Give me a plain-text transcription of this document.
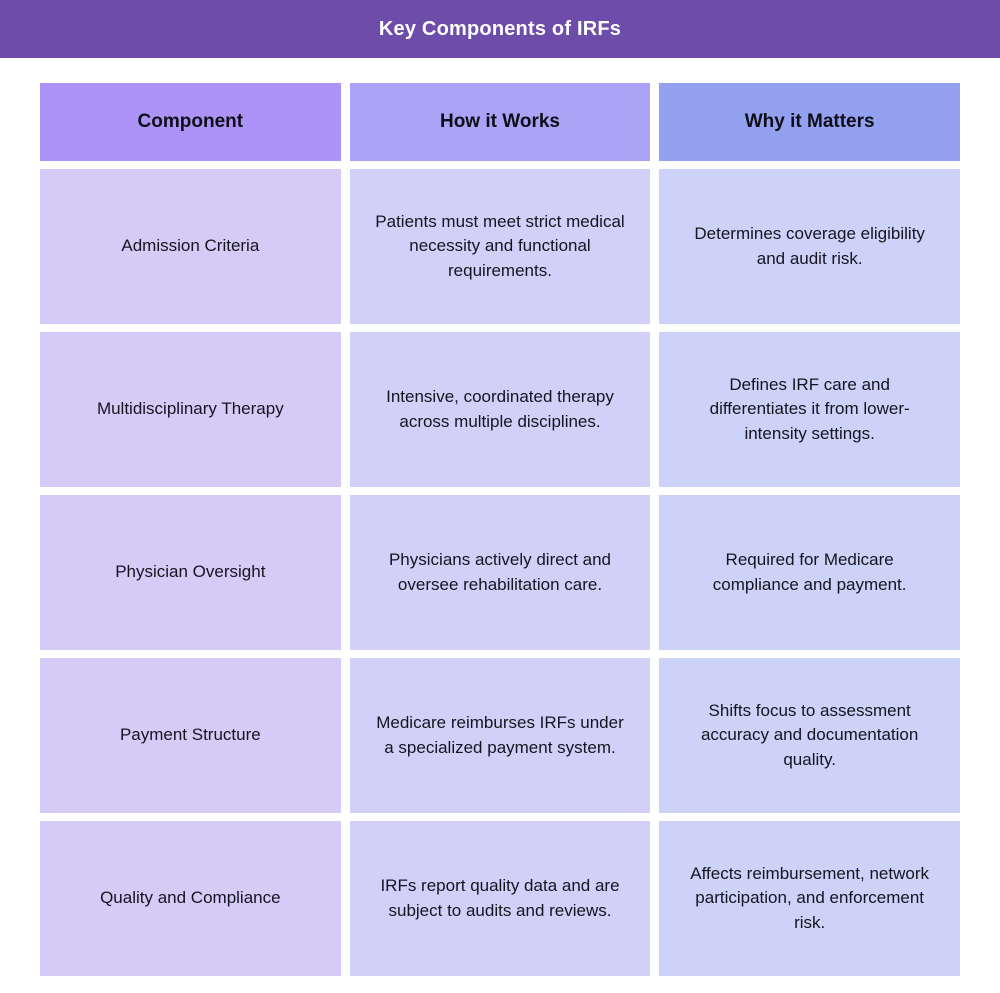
Key Components of IRFs
Component	How it Works	Why it Matters
Admission Criteria
Patients must meet strict medical necessity and functional requirements.
Determines coverage eligibility and audit risk.
Multidisciplinary Therapy
Intensive, coordinated therapy across multiple disciplines.
Defines IRF care and differentiates it from lower-intensity settings.
Physician Oversight
Physicians actively direct and oversee rehabilitation care.
Required for Medicare compliance and payment.
Payment Structure
Medicare reimburses IRFs under a specialized payment system.
Shifts focus to assessment accuracy and documentation quality.
Quality and Compliance
IRFs report quality data and are subject to audits and reviews.
Affects reimbursement, network participation, and enforcement risk.
